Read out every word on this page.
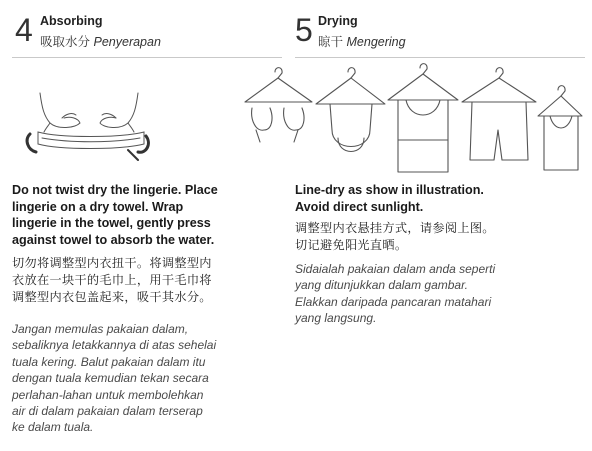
4 Absorbing
吸取水分 Penyerapan
Do not twist dry the lingerie. Place
lingerie on a dry towel. Wrap
lingerie in the towel, gently press
against towel to absorb the water.
切勿将调整型内衣扭干。将调整型内
衣放在一块干的毛巾上，用干毛巾将
调整型内衣包盖起来，吸干其水分。
Jangan memulas pakaian dalam,
sebaliknya letakkannya di atas sehelai
tuala kering. Balut pakaian dalam itu
dengan tuala kemudian tekan secara
perlahan-lahan untuk membolehkan
air di dalam pakaian dalam terserap
ke dalam tuala.
5 Drying
晾干 Mengering
Line-dry as show in illustration.
Avoid direct sunlight.
调整型内衣悬挂方式，请参阅上图。
切记避免阳光直晒。
Sidaialah pakaian dalam anda seperti
yang ditunjukkan dalam gambar.
Elakkan daripada pancaran matahari
yang langsung.
